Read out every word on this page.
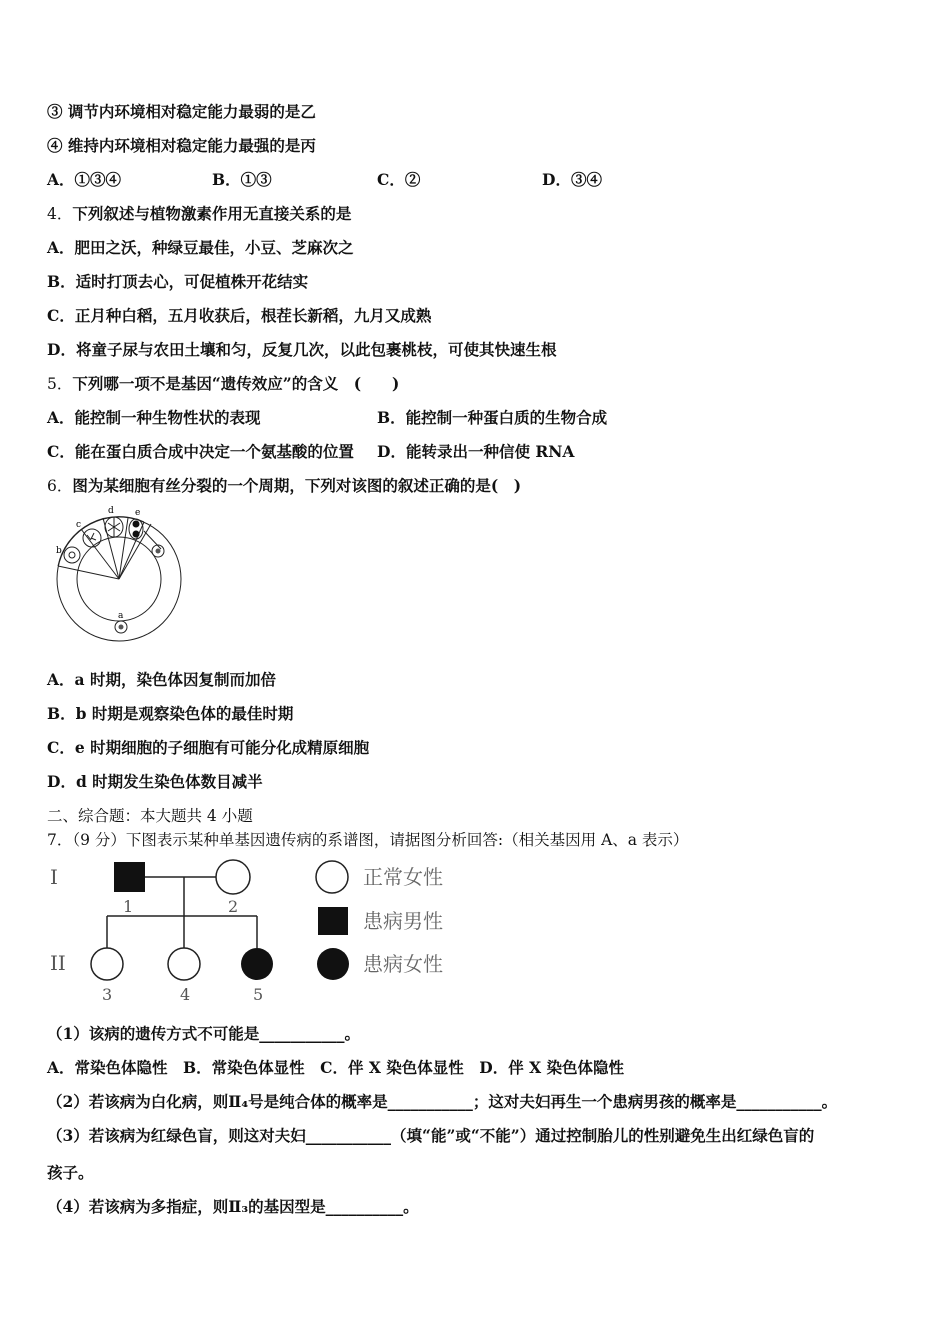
③ 调节内环境相对稳定能力最弱的是乙
④ 维持内环境相对稳定能力最强的是丙
A．①③④	B．①③	C．②	D．③④
4．下列叙述与植物激素作用无直接关系的是
A．肥田之沃，种绿豆最佳，小豆、芝麻次之
B．适时打顶去心，可促植株开花结实
C．正月种白稻，五月收获后，根茬长新稻，九月又成熟
D．将童子尿与农田土壤和匀，反复几次，以此包裹桃枝，可使其快速生根
5．下列哪一项不是基因“遗传效应”的含义　(　　)
A．能控制一种生物性状的表现	B．能控制一种蛋白质的生物合成
C．能在蛋白质合成中决定一个氨基酸的位置 D．能转录出一种信使 RNA
6．图为某细胞有丝分裂的一个周期，下列对该图的叙述正确的是(　)
b
c
d e
a
A．a 时期，染色体因复制而加倍
B．b 时期是观察染色体的最佳时期
C．e 时期细胞的子细胞有可能分化成精原细胞
D．d 时期发生染色体数目减半
二、综合题：本大题共 4 小题
7．（9 分）下图表示某种单基因遗传病的系谱图，请据图分析回答:（相关基因用 A、a 表示）
I
II
1	2
3	4	5
正常女性
患病男性
患病女性
（1）该病的遗传方式不可能是___________。
A．常染色体隐性　B．常染色体显性　C．伴 X 染色体显性　D．伴 X 染色体隐性
（2）若该病为白化病，则Ⅱ₄号是纯合体的概率是___________；这对夫妇再生一个患病男孩的概率是___________。
（3）若该病为红绿色盲，则这对夫妇___________（填“能”或“不能”）通过控制胎儿的性别避免生出红绿色盲的
孩子。
（4）若该病为多指症，则Ⅱ₃的基因型是__________。
